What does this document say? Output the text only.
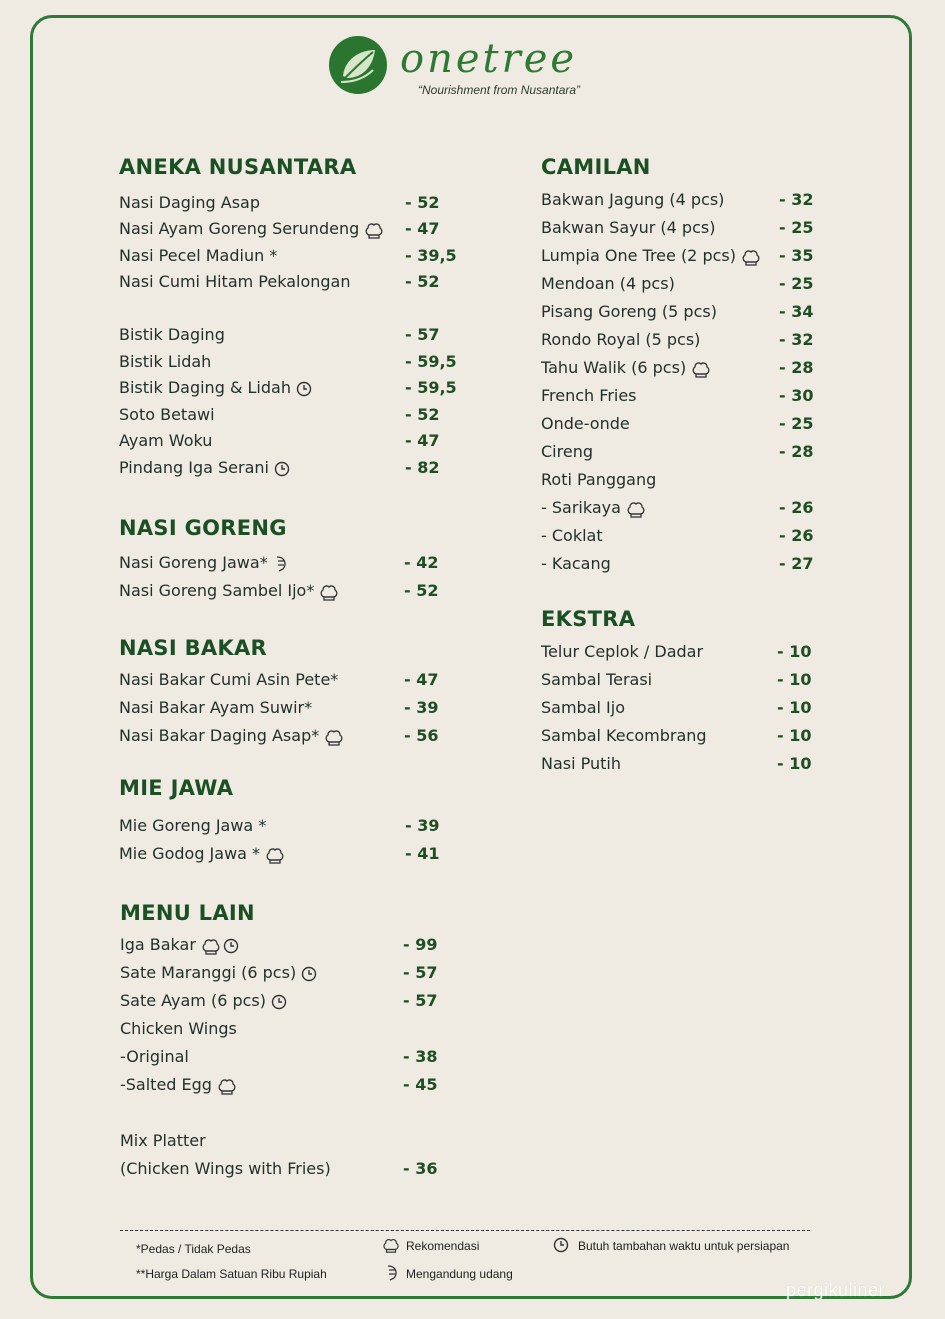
onetree
“Nourishment from Nusantara”
ANEKA NUSANTARA
Nasi Daging Asap	- 52
Nasi Ayam Goreng Serundeng	- 47
Nasi Pecel Madiun *	- 39,5
Nasi Cumi Hitam Pekalongan	- 52
Bistik Daging	- 57
Bistik Lidah	- 59,5
Bistik Daging & Lidah	- 59,5
Soto Betawi	- 52
Ayam Woku	- 47
Pindang Iga Serani	- 82
NASI GORENG
Nasi Goreng Jawa*	- 42
Nasi Goreng Sambel Ijo*	- 52
NASI BAKAR
Nasi Bakar Cumi Asin Pete*	- 47
Nasi Bakar Ayam Suwir*	- 39
Nasi Bakar Daging Asap*	- 56
MIE JAWA
Mie Goreng Jawa *	- 39
Mie Godog Jawa *	- 41
MENU LAIN
Iga Bakar	- 99
Sate Maranggi (6 pcs)	- 57
Sate Ayam (6 pcs)	- 57
Chicken Wings
-Original	- 38
-Salted Egg	- 45
Mix Platter
(Chicken Wings with Fries)	- 36
CAMILAN
Bakwan Jagung (4 pcs)	- 32
Bakwan Sayur (4 pcs)	- 25
Lumpia One Tree (2 pcs)	- 35
Mendoan (4 pcs)	- 25
Pisang Goreng (5 pcs)	- 34
Rondo Royal (5 pcs)	- 32
Tahu Walik (6 pcs)	- 28
French Fries	- 30
Onde-onde	- 25
Cireng	- 28
Roti Panggang
- Sarikaya	- 26
- Coklat	- 26
- Kacang	- 27
EKSTRA
Telur Ceplok / Dadar	- 10
Sambal Terasi	- 10
Sambal Ijo	- 10
Sambal Kecombrang	- 10
Nasi Putih	- 10
*Pedas / Tidak Pedas
**Harga Dalam Satuan Ribu Rupiah
Rekomendasi
Mengandung udang
Butuh tambahan waktu untuk persiapan
pergikuliner
